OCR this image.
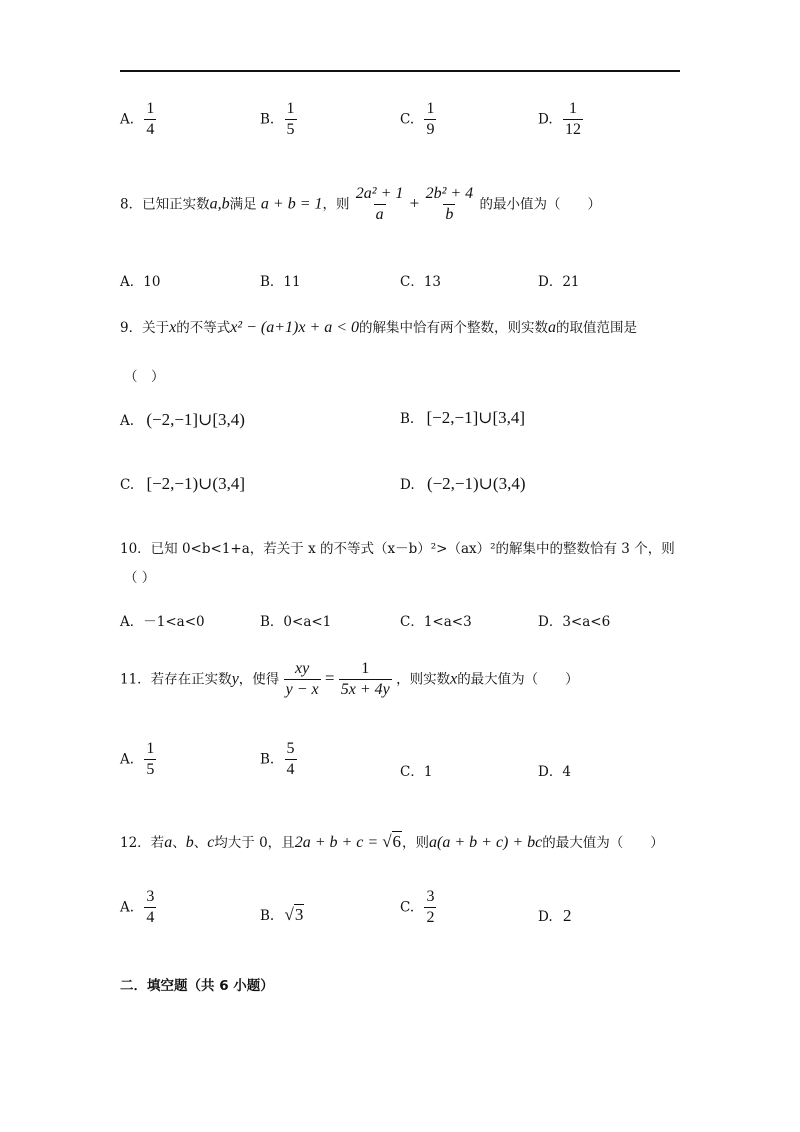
A. $\frac{1}{4}$	B. $\frac{1}{5}$	C. $\frac{1}{9}$	D. $\frac{1}{12}$
8．已知正实数a,b满足 a + b = 1，则 $\frac{\text{2a² + 1}}{a} + \frac{\text{2b² + 4}}{b}$ 的最小值为（　　）
A．10	B．11	C．13	D．21
9．关于x的不等式x² − (a+1)x + a < 0的解集中恰有两个整数，则实数a的取值范围是
（　）
A. (−2,−1]∪[3,4)	B. [−2,−1]∪[3,4]
C. [−2,−1)∪(3,4]	D. (−2,−1)∪(3,4)
10．已知 0<b<1+a，若关于 x 的不等式（x－b）²>（ax）²的解集中的整数恰有 3 个，则
（ ）
A．－1<a<0	B．0<a<1	C．1<a<3	D．3<a<6
11．若存在正实数y，使得 $\frac{xy}{y - x} = \frac{1}{5x + 4y}$ ，则实数x的最大值为（　　）
A. $\frac{1}{5}$	B. $\frac{5}{4}$	C．1	D．4
12．若a、b、c均大于 0，且2a + b + c = √6，则a(a + b + c) + bc的最大值为（　　）
A. $\frac{3}{4}$	B. √3	C. $\frac{3}{2}$	D. 2
二．填空题（共 6 小题）
